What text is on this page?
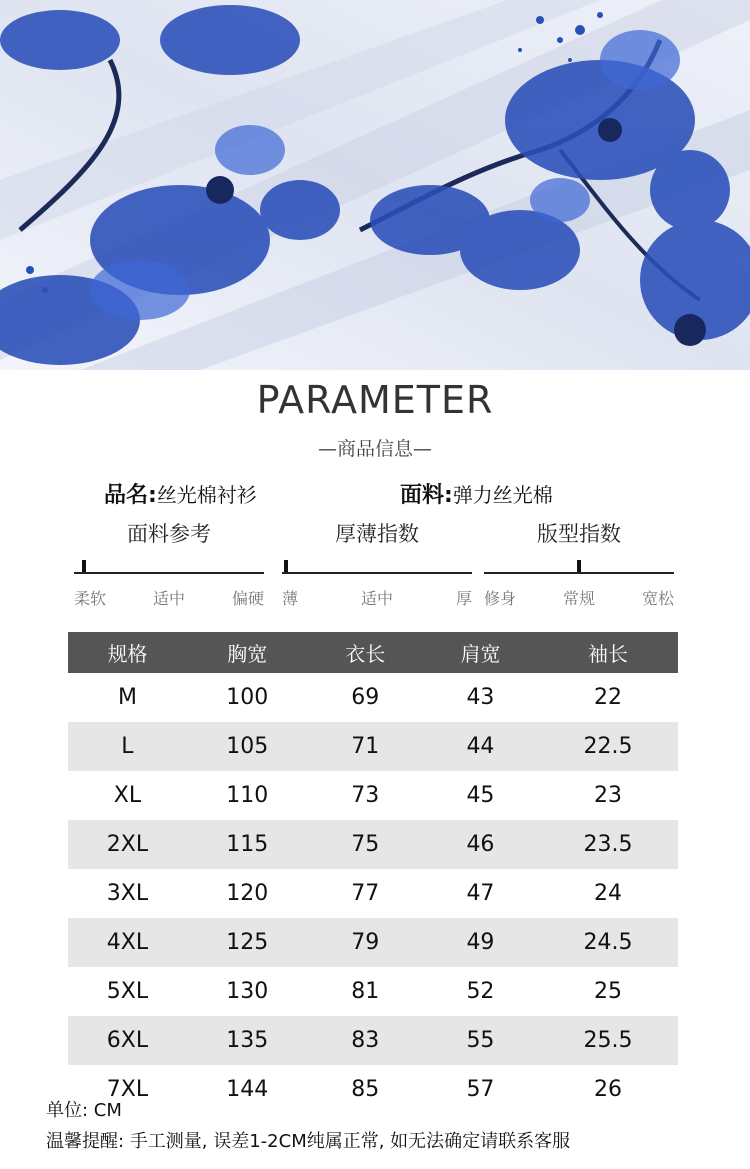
PARAMETER
—商品信息—
品名:丝光棉衬衫	面料:弹力丝光棉
面料参考
柔软	适中	偏硬
厚薄指数
薄	适中	厚
版型指数
修身	常规	宽松
规格	胸宽	衣长	肩宽	袖长
M	100	69	43	22
L	105	71	44	22.5
XL	110	73	45	23
2XL	115	75	46	23.5
3XL	120	77	47	24
4XL	125	79	49	24.5
5XL	130	81	52	25
6XL	135	83	55	25.5
7XL	144	85	57	26
单位: CM
温馨提醒: 手工测量, 误差1-2CM纯属正常, 如无法确定请联系客服
